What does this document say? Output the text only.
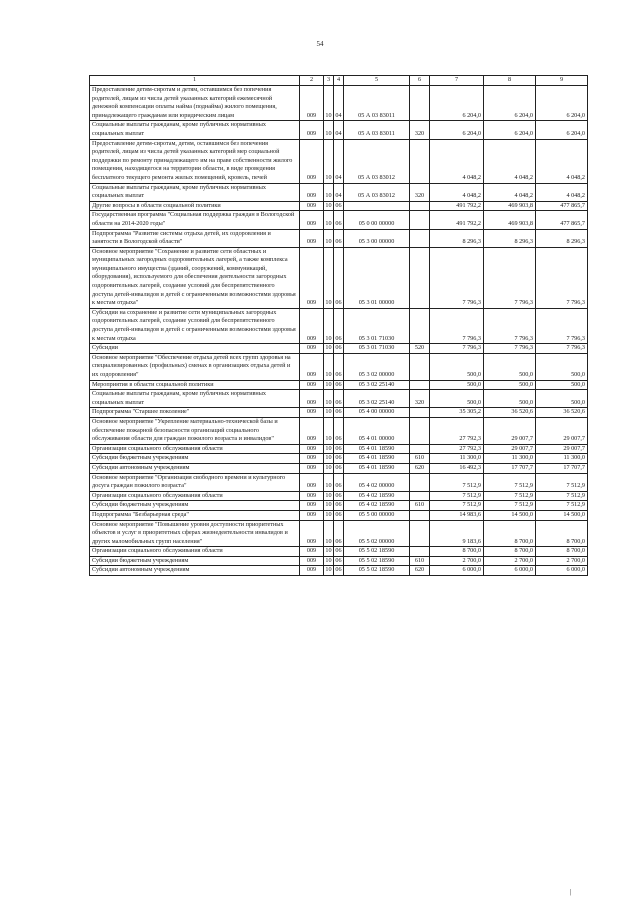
54
1	2	3	4	5	6	7	8	9
Предоставление детям-сиротам и детям, оставшимся без попечения родителей, лицам из числа детей указанных категорий ежемесячной денежной компенсации оплаты найма (поднайма) жилого помещения, принадлежащего гражданам или юридическим лицам	009	10	04	05 А 03 83011		6 204,0	6 204,0	6 204,0
Социальные выплаты гражданам, кроме публичных нормативных социальных выплат	009	10	04	05 А 03 83011	320	6 204,0	6 204,0	6 204,0
Предоставление детям-сиротам, детям, оставшимся без попечения родителей, лицам из числа детей указанных категорий мер социальной поддержки по ремонту принадлежащего им на праве собственности жилого помещения, находящегося на территории области, в виде проведения бесплатного текущего ремонта жилых помещений, кровель, печей	009	10	04	05 А 03 83012		4 048,2	4 048,2	4 048,2
Социальные выплаты гражданам, кроме публичных нормативных социальных выплат	009	10	04	05 А 03 83012	320	4 048,2	4 048,2	4 048,2
Другие вопросы в области социальной политики	009	10	06			491 792,2	469 903,8	477 865,7
Государственная программа "Социальная поддержка граждан в Вологодской области на 2014-2020 годы"	009	10	06	05 0 00 00000		491 792,2	469 903,8	477 865,7
Подпрограмма "Развитие системы отдыха детей, их оздоровления и занятости в Вологодской области"	009	10	06	05 3 00 00000		8 296,3	8 296,3	8 296,3
Основное мероприятие "Сохранение и развитие сети областных и муниципальных загородных оздоровительных лагерей, а также комплекса муниципального имущества (зданий, сооружений, коммуникаций, оборудования), используемого для обеспечения деятельности загородных оздоровительных лагерей, создание условий для беспрепятственного доступа детей-инвалидов и детей с ограниченными возможностями здоровья к местам отдыха"	009	10	06	05 3 01 00000		7 796,3	7 796,3	7 796,3
Субсидии на сохранение и развитие сети муниципальных загородных оздоровительных лагерей, создание условий для беспрепятственного доступа детей-инвалидов и детей с ограниченными возможностями здоровья к местам отдыха	009	10	06	05 3 01 71030		7 796,3	7 796,3	7 796,3
Субсидии	009	10	06	05 3 01 71030	520	7 796,3	7 796,3	7 796,3
Основное мероприятие "Обеспечение отдыха детей всех групп здоровья на специализированных (профильных) сменах в организациях отдыха детей и их оздоровления"	009	10	06	05 3 02 00000		500,0	500,0	500,0
Мероприятия в области социальной политики	009	10	06	05 3 02 25140		500,0	500,0	500,0
Социальные выплаты гражданам, кроме публичных нормативных социальных выплат	009	10	06	05 3 02 25140	320	500,0	500,0	500,0
Подпрограмма "Старшее поколение"	009	10	06	05 4 00 00000		35 305,2	36 520,6	36 520,6
Основное мероприятие "Укрепление материально-технической базы и обеспечение пожарной безопасности организаций социального обслуживания области для граждан пожилого возраста и инвалидов"	009	10	06	05 4 01 00000		27 792,3	29 007,7	29 007,7
Организации социального обслуживания области	009	10	06	05 4 01 18590		27 792,3	29 007,7	29 007,7
Субсидии бюджетным учреждениям	009	10	06	05 4 01 18590	610	11 300,0	11 300,0	11 300,0
Субсидии автономным учреждениям	009	10	06	05 4 01 18590	620	16 492,3	17 707,7	17 707,7
Основное мероприятие "Организация свободного времени и культурного досуга граждан пожилого возраста"	009	10	06	05 4 02 00000		7 512,9	7 512,9	7 512,9
Организации социального обслуживания области	009	10	06	05 4 02 18590		7 512,9	7 512,9	7 512,9
Субсидии бюджетным учреждениям	009	10	06	05 4 02 18590	610	7 512,9	7 512,9	7 512,9
Подпрограмма "Безбарьерная среда"	009	10	06	05 5 00 00000		14 983,6	14 500,0	14 500,0
Основное мероприятие "Повышение уровня доступности приоритетных объектов и услуг в приоритетных сферах жизнедеятельности инвалидов и других маломобильных групп населения"	009	10	06	05 5 02 00000		9 183,6	8 700,0	8 700,0
Организации социального обслуживания области	009	10	06	05 5 02 18590		8 700,0	8 700,0	8 700,0
Субсидии бюджетным учреждениям	009	10	06	05 5 02 18590	610	2 700,0	2 700,0	2 700,0
Субсидии автономным учреждениям	009	10	06	05 5 02 18590	620	6 000,0	6 000,0	6 000,0
|
